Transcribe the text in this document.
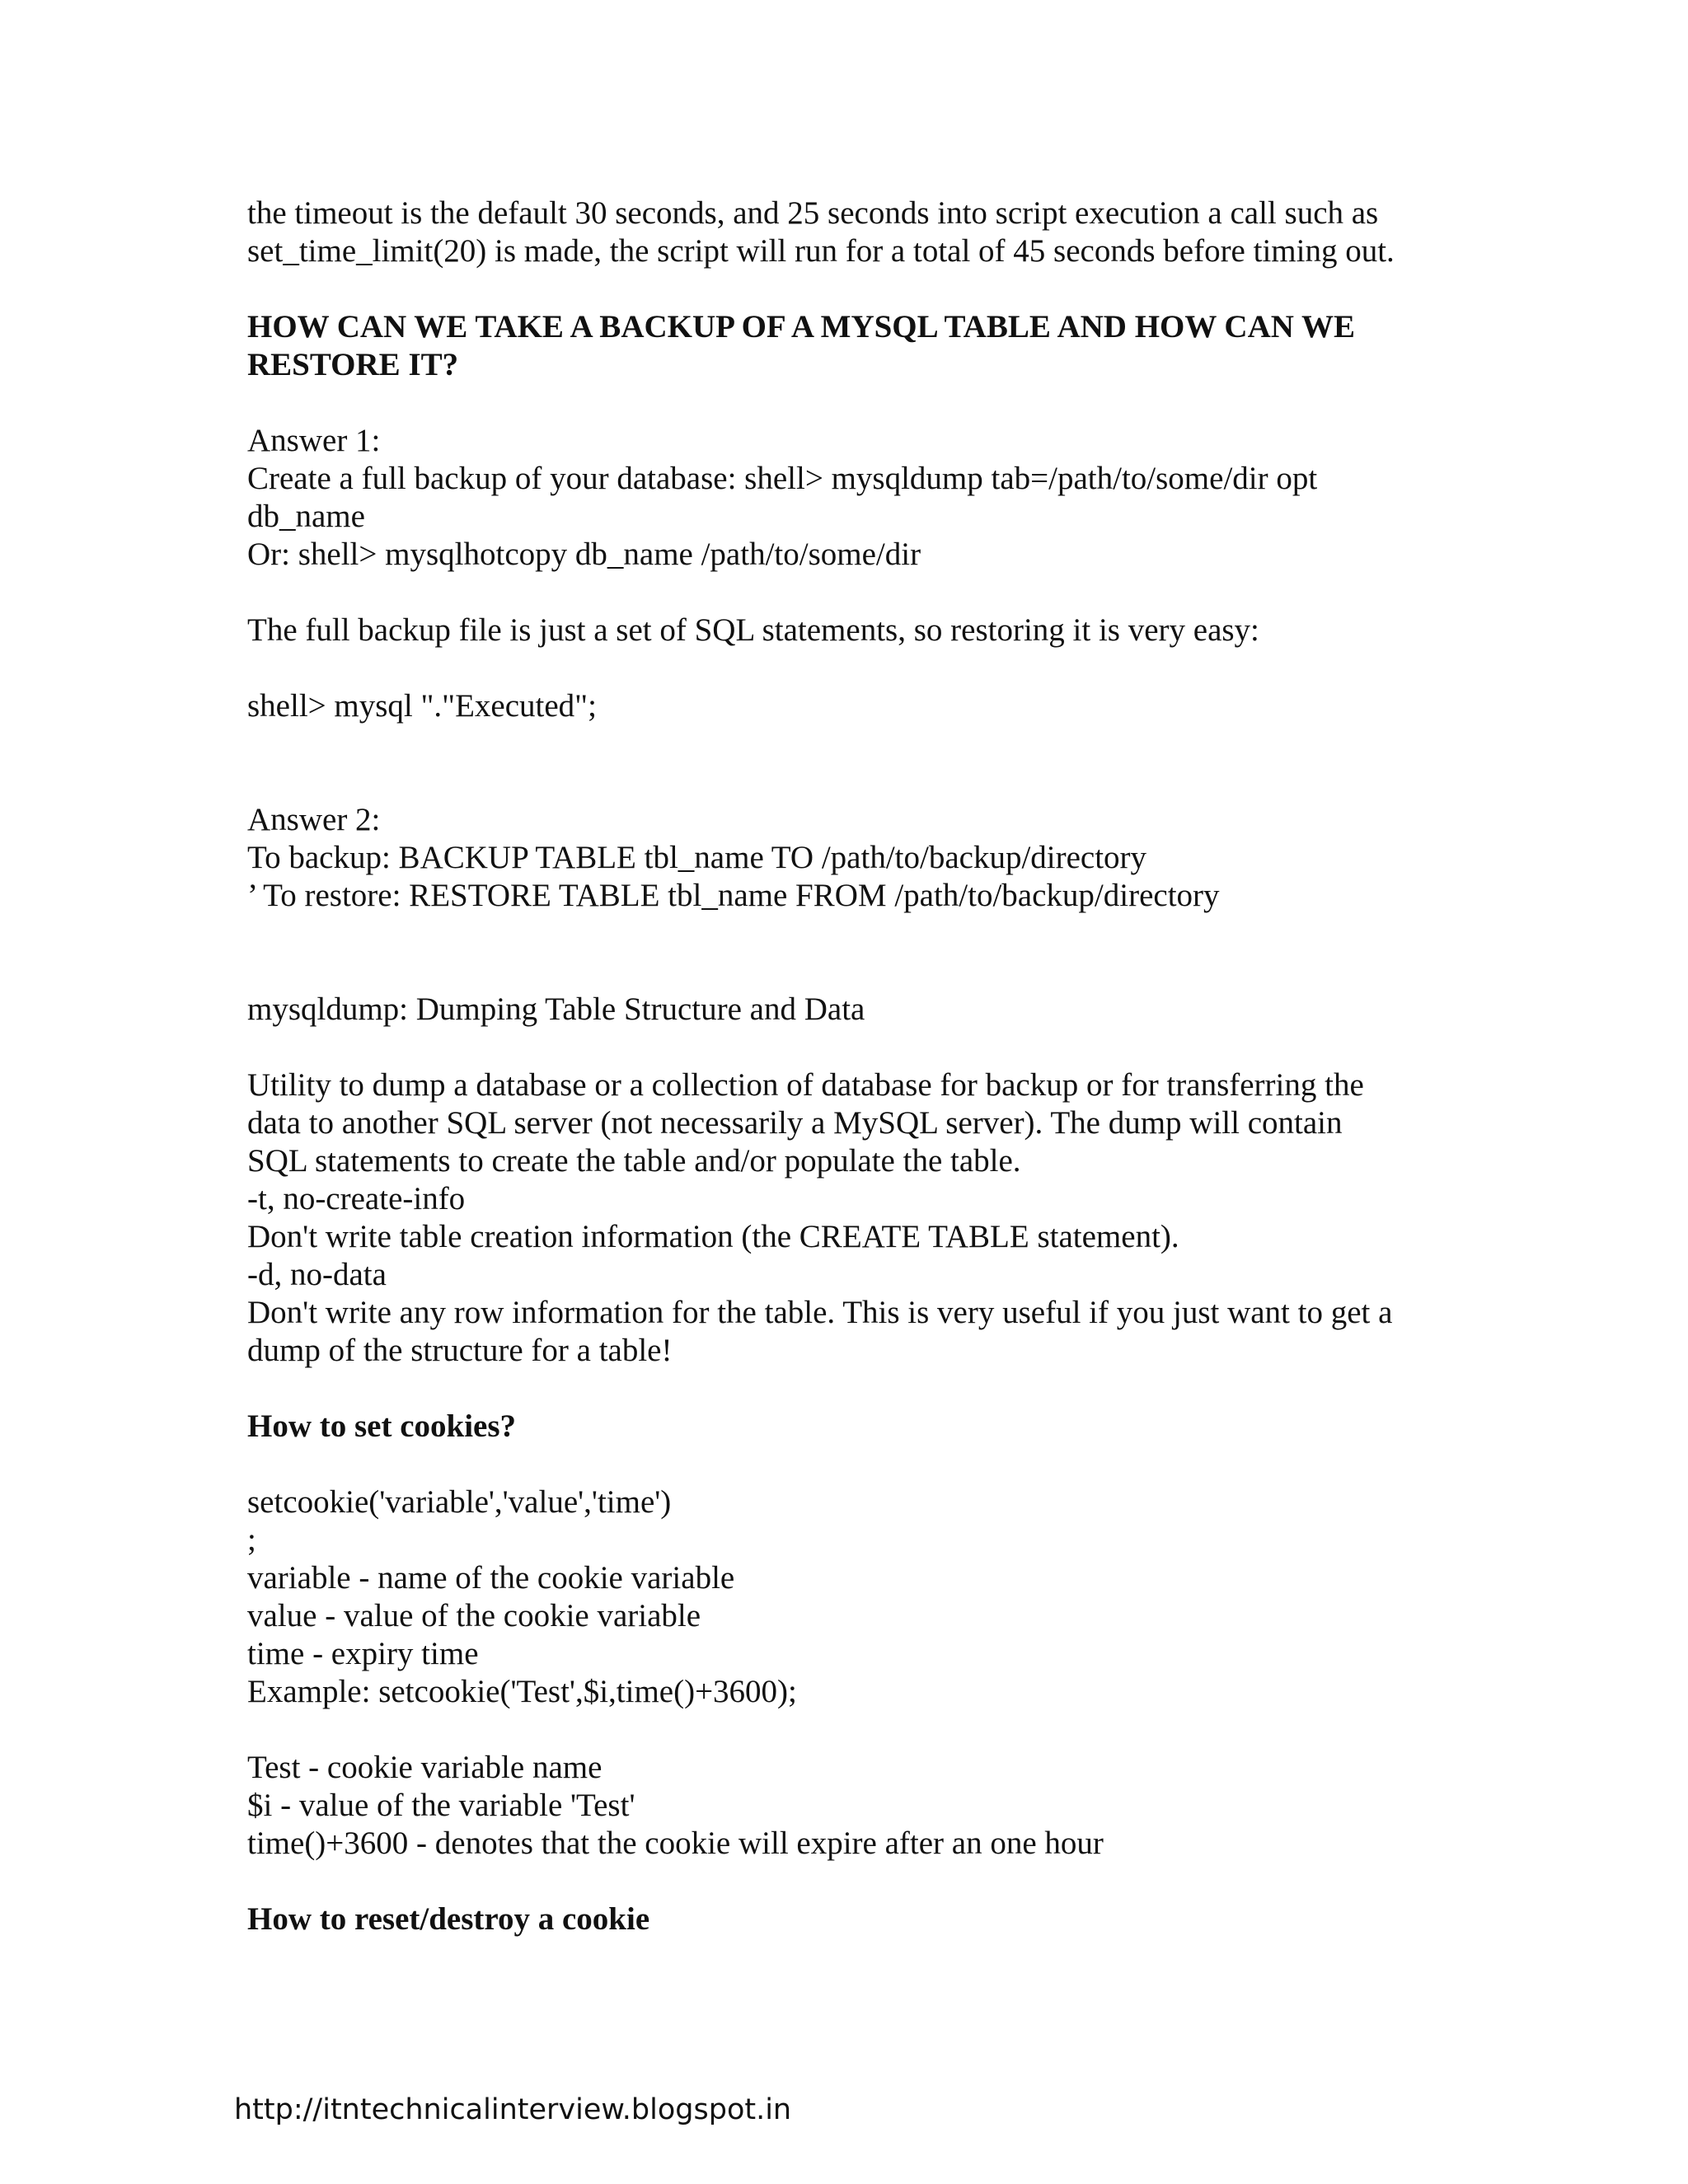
the timeout is the default 30 seconds, and 25 seconds into script execution a call such as

set_time_limit(20) is made, the script will run for a total of 45 seconds before timing out.

HOW CAN WE TAKE A BACKUP OF A MYSQL TABLE AND HOW CAN WE

RESTORE IT?

Answer 1:

Create a full backup of your database: shell> mysqldump tab=/path/to/some/dir opt

db_name

Or: shell> mysqlhotcopy db_name /path/to/some/dir

The full backup file is just a set of SQL statements, so restoring it is very easy:

shell> mysql "."Executed";

Answer 2:

To backup: BACKUP TABLE tbl_name TO /path/to/backup/directory

’ To restore: RESTORE TABLE tbl_name FROM /path/to/backup/directory

mysqldump: Dumping Table Structure and Data

Utility to dump a database or a collection of database for backup or for transferring the

data to another SQL server (not necessarily a MySQL server). The dump will contain

SQL statements to create the table and/or populate the table.

-t, no-create-info

Don't write table creation information (the CREATE TABLE statement).

-d, no-data

Don't write any row information for the table. This is very useful if you just want to get a

dump of the structure for a table!

How to set cookies?

setcookie('variable','value','time')

;

variable - name of the cookie variable

value - value of the cookie variable

time - expiry time

Example: setcookie('Test',$i,time()+3600);

Test - cookie variable name

$i - value of the variable 'Test'

time()+3600 - denotes that the cookie will expire after an one hour

How to reset/destroy a cookie

http://itntechnicalinterview.blogspot.in
